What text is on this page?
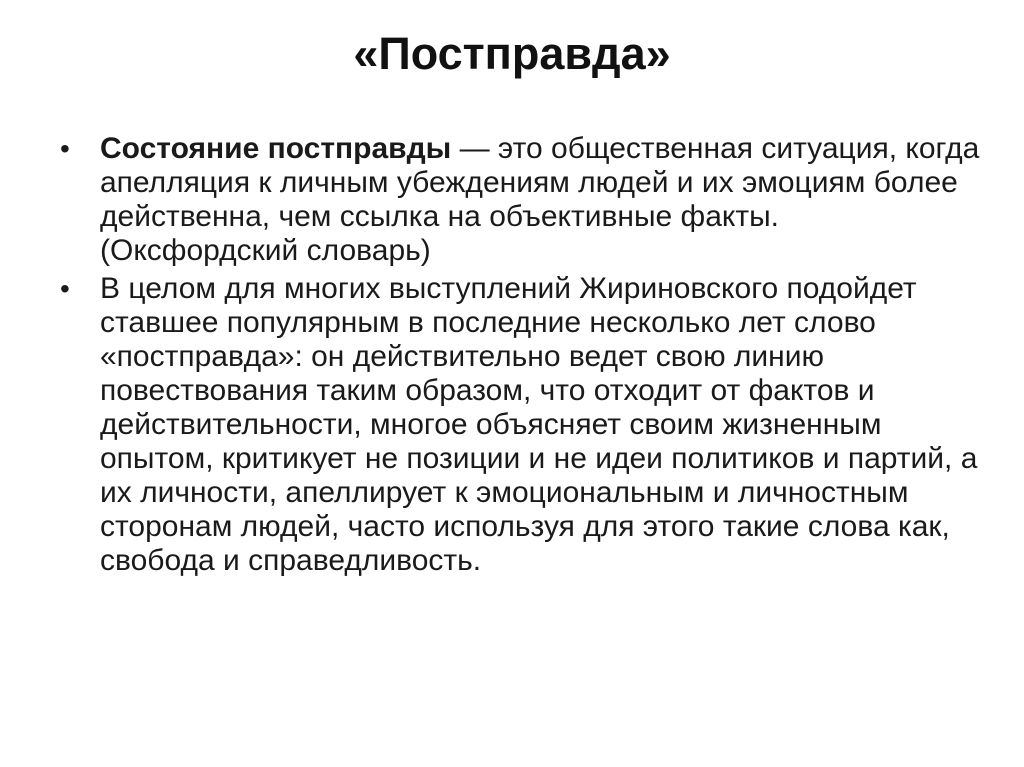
«Постправда»
•	Состояние постправды — это общественная ситуация, когда апелляция к личным убеждениям людей и их эмоциям более действенна, чем ссылка на объективные факты. (Оксфордский словарь)
•	В целом для многих выступлений Жириновского подойдет ставшее популярным в последние несколько лет слово «постправда»: он действительно ведет свою линию повествования таким образом, что отходит от фактов и действительности, многое объясняет своим жизненным опытом, критикует не позиции и не идеи политиков и партий, а их личности, апеллирует к эмоциональным и личностным сторонам людей, часто используя для этого такие слова как, свобода и справедливость.
